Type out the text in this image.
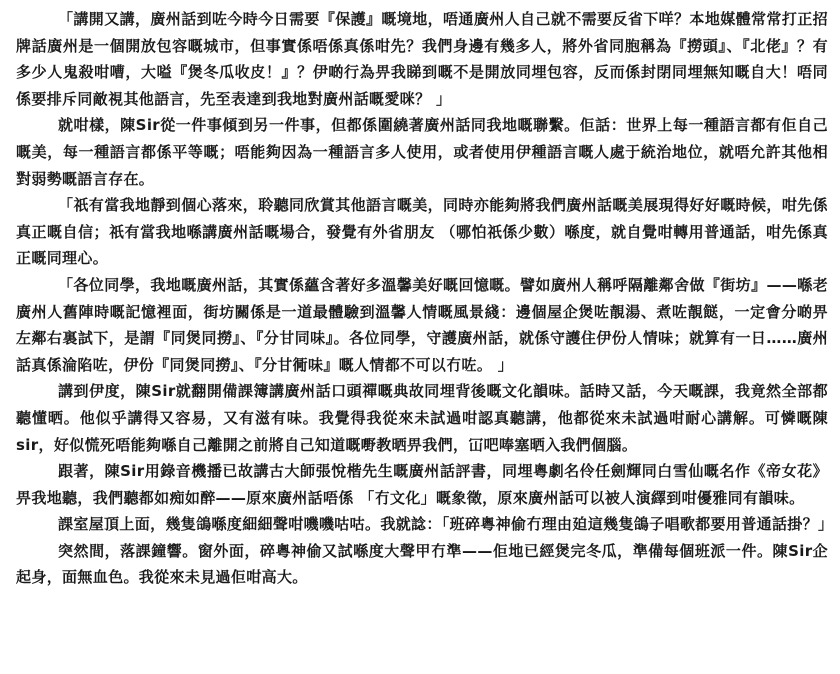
「講開又講，廣州話到咗今時今日需要『保護』嘅境地，唔通廣州人自己就不需要反省下咩？本地媒體常常打正招牌話廣州是一個開放包容嘅城市，但事實係唔係真係咁先？我們身邊有幾多人，將外省同胞稱為『撈頭』、『北佬』？有多少人鬼殺咁嘈，大嗌『煲冬瓜收皮！』？伊啲行為畀我睇到嘅不是開放同埋包容，反而係封閉同埋無知嘅自大！唔同係要排斥同敵視其他語言，先至表達到我地對廣州話嘅愛咪？ 」

就咁樣，陳Sir從一件事傾到另一件事，但都係圍繞著廣州話同我地嘅聯繫。佢話：世界上每一種語言都有佢自己嘅美，每一種語言都係平等嘅；唔能夠因為一種語言多人使用，或者使用伊種語言嘅人處于統治地位，就唔允許其他相對弱勢嘅語言存在。

「祇有當我地靜到個心落來，聆聽同欣賞其他語言嘅美，同時亦能夠將我們廣州話嘅美展現得好好嘅時候，咁先係真正嘅自信；祇有當我地喺講廣州話嘅場合，發覺有外省朋友 （哪怕祇係少數）喺度，就自覺咁轉用普通話，咁先係真正嘅同理心。

「各位同學，我地嘅廣州話，其實係蘊含著好多溫馨美好嘅回憶嘅。譬如廣州人稱呼隔離鄰舍做『街坊』——喺老廣州人舊陣時嘅記憶裡面，街坊關係是一道最體驗到溫馨人情嘅風景綫：邊個屋企煲咗靚湯、煮咗靚餸，一定會分啲畀左鄰右裏試下，是謂『同煲同撈』、『分甘同味』。各位同學，守護廣州話，就係守護住伊份人情味；就算有一日……廣州話真係淪陷咗，伊份『同煲同撈』、『分甘衕味』嘅人情都不可以冇咗。 」

講到伊度，陳Sir就翻開備課簿講廣州話口頭禪嘅典故同埋背後嘅文化韻味。話時又話，今天嘅課，我竟然全部都聽懂晒。他似乎講得又容易，又有滋有味。我覺得我從來未試過咁認真聽講，他都從來未試過咁耐心講解。可憐嘅陳sir，好似慌死唔能夠喺自己離開之前將自己知道嘅嘢教晒畀我們，冚吧唪塞晒入我們個腦。

跟著，陳Sir用錄音機播已故講古大師張悅楷先生嘅廣州話評書，同埋粵劇名伶任劍輝同白雪仙嘅名作《帝女花》畀我地聽，我們聽都如痴如醉——原來廣州話唔係 「冇文化」嘅象徵，原來廣州話可以被人演繹到咁優雅同有韻味。

課室屋頂上面，幾隻鴿喺度細細聲咁嘰嘰咕咕。我就諗：「班碎粵神偷冇理由廹這幾隻鴿子唱歌都要用普通話掛？」

突然間，落課鐘響。窗外面，碎粵神偷又試喺度大聲甲冇準——佢地已經煲完冬瓜，準備每個班派一件。陳Sir企起身，面無血色。我從來未見過佢咁高大。
